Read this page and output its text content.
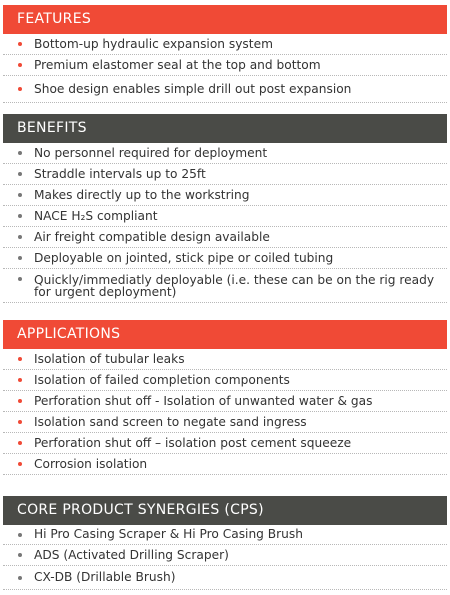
FEATURES
Bottom-up hydraulic expansion system
Premium elastomer seal at the top and bottom
Shoe design enables simple drill out post expansion
BENEFITS
No personnel required for deployment
Straddle intervals up to 25ft
Makes directly up to the workstring
NACE H₂S compliant
Air freight compatible design available
Deployable on jointed, stick pipe or coiled tubing
Quickly/immediatly deployable (i.e. these can be on the rig ready for urgent deployment)
APPLICATIONS
Isolation of tubular leaks
Isolation of failed completion components
Perforation shut off - Isolation of unwanted water & gas
Isolation sand screen to negate sand ingress
Perforation shut off – isolation post cement squeeze
Corrosion isolation
CORE PRODUCT SYNERGIES (CPS)
Hi Pro Casing Scraper & Hi Pro Casing Brush
ADS (Activated Drilling Scraper)
CX-DB (Drillable Brush)
